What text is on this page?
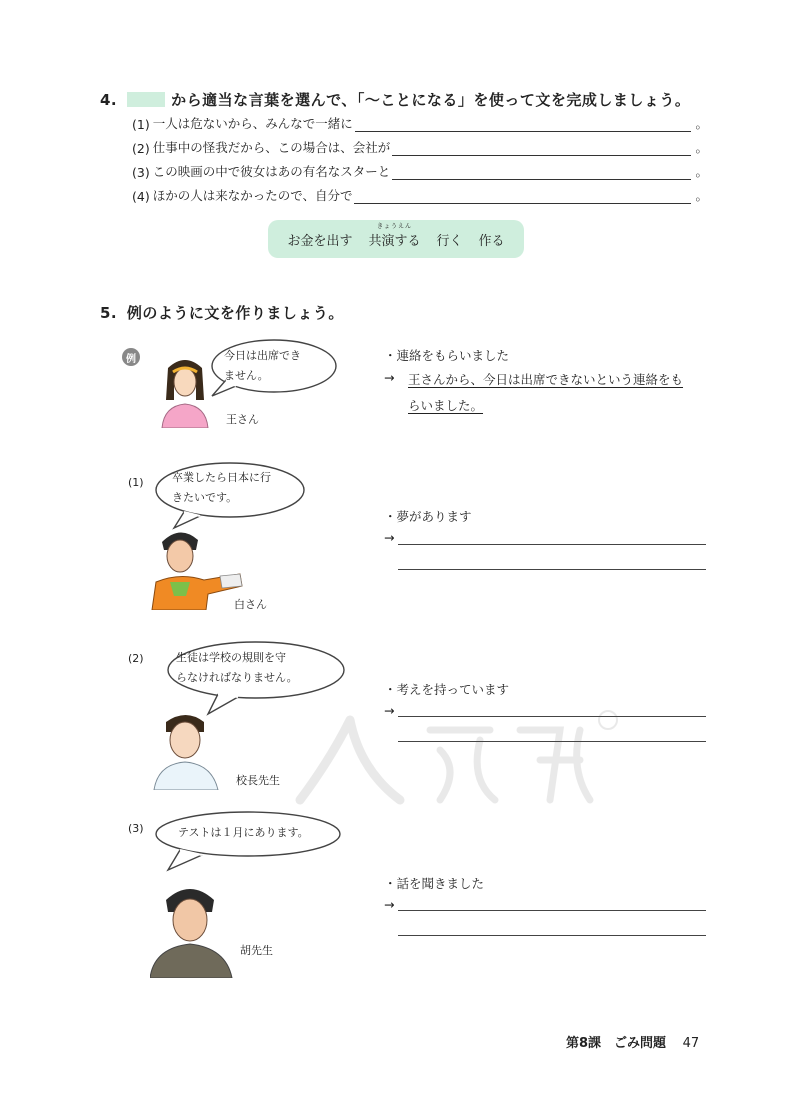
4.	から適当な言葉を選んで、「〜ことになる」を使って文を完成しましょう。
(1) 一人は危ないから、みんなで一緒に	。
(2) 仕事中の怪我だから、この場合は、会社が	。
(3) この映画の中で彼女はあの有名なスターと	。
(4) ほかの人は来なかったので、自分で	。
お金を出す
きょうえん
共演する 行く 作る
5. 例のように文を作りましょう。
例
王さん
今日は出席でき
ません。
・連絡をもらいました
→ 王さんから、今日は出席できないという連絡をも
らいました。
(1)	卒業したら日本に行
きたいです。
白さん
・夢があります
→
(2)	生徒は学校の規則を守
らなければなりません。
校長先生
・考えを持っています
→
(3)	テストは１月にあります。
胡先生
・話を聞きました
→
第8課　ごみ問題 47
